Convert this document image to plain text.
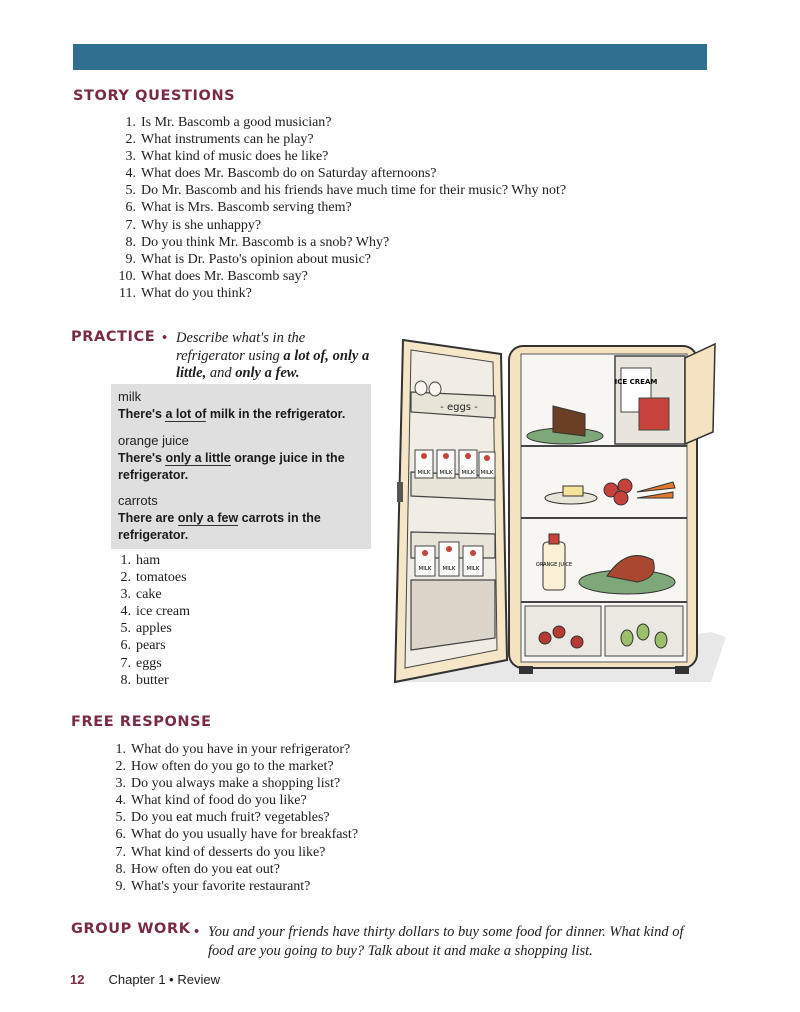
STORY QUESTIONS
1. Is Mr. Bascomb a good musician?
2. What instruments can he play?
3. What kind of music does he like?
4. What does Mr. Bascomb do on Saturday afternoons?
5. Do Mr. Bascomb and his friends have much time for their music? Why not?
6. What is Mrs. Bascomb serving them?
7. Why is she unhappy?
8. Do you think Mr. Bascomb is a snob? Why?
9. What is Dr. Pasto's opinion about music?
10. What does Mr. Bascomb say?
11. What do you think?
PRACTICE • Describe what's in the refrigerator using a lot of, only a little, and only a few.
milk
There's a lot of milk in the refrigerator.
orange juice
There's only a little orange juice in the refrigerator.
carrots
There are only a few carrots in the refrigerator.
1. ham
2. tomatoes
3. cake
4. ice cream
5. apples
6. pears
7. eggs
8. butter
- eggs -
MILK MILK MILK MILK
MILK MILK MILK
ICE CREAM
ORANGE JUICE
FREE RESPONSE
1. What do you have in your refrigerator?
2. How often do you go to the market?
3. Do you always make a shopping list?
4. What kind of food do you like?
5. Do you eat much fruit? vegetables?
6. What do you usually have for breakfast?
7. What kind of desserts do you like?
8. How often do you eat out?
9. What's your favorite restaurant?
GROUP WORK • You and your friends have thirty dollars to buy some food for dinner. What kind of food are you going to buy? Talk about it and make a shopping list.
12 Chapter 1 • Review
